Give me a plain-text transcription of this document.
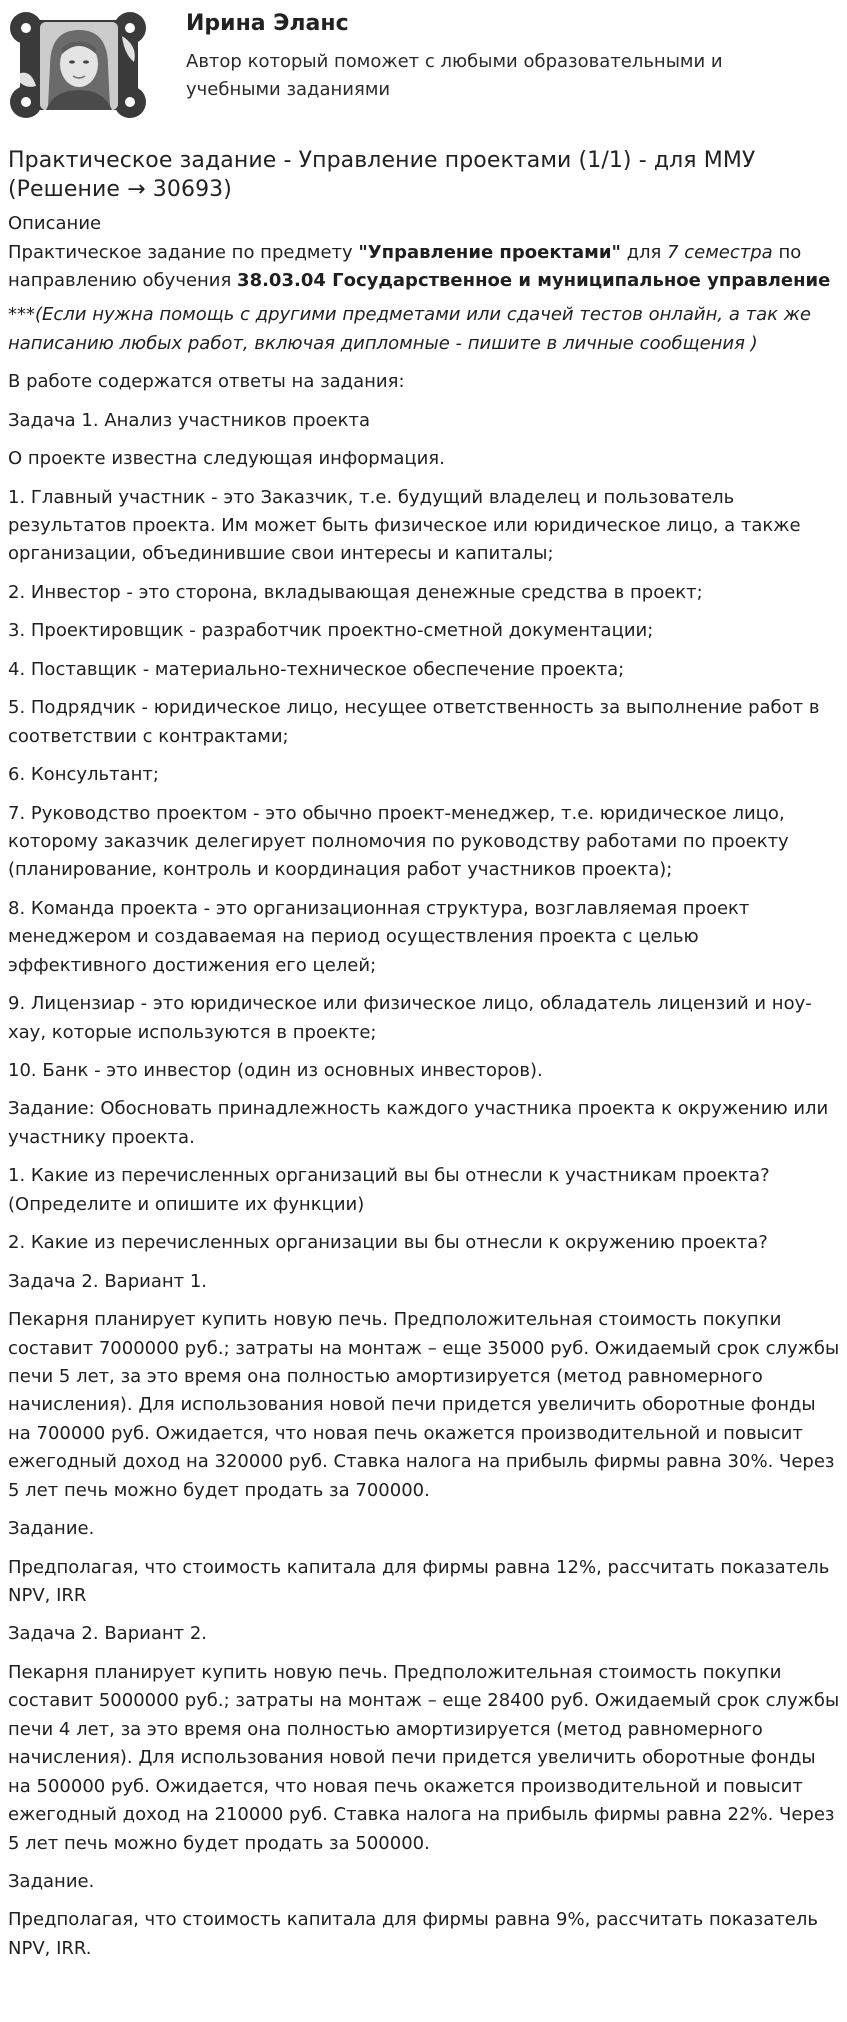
Ирина Эланс
Автор который поможет с любыми образовательными и учебными заданиями
Практическое задание - Управление проектами (1/1) - для ММУ
(Решение → 30693)
Описание

Практическое задание по предмету "Управление проектами" для 7 семестра по направлению обучения 38.03.04 Государственное и муниципальное управление

***(Если нужна помощь с другими предметами или сдачей тестов онлайн, а так же написанию любых работ, включая дипломные - пишите в личные сообщения )

В работе содержатся ответы на задания:

Задача 1. Анализ участников проекта

О проекте известна следующая информация.

1. Главный участник - это Заказчик, т.е. будущий владелец и пользователь результатов проекта. Им может быть физическое или юридическое лицо, а также организации, объединившие свои интересы и капиталы;

2. Инвестор - это сторона, вкладывающая денежные средства в проект;

3. Проектировщик - разработчик проектно-сметной документации;

4. Поставщик - материально-техническое обеспечение проекта;

5. Подрядчик - юридическое лицо, несущее ответственность за выполнение работ в соответствии с контрактами;

6. Консультант;

7. Руководство проектом - это обычно проект-менеджер, т.е. юридическое лицо, которому заказчик делегирует полномочия по руководству работами по проекту (планирование, контроль и координация работ участников проекта);

8. Команда проекта - это организационная структура, возглавляемая проект менеджером и создаваемая на период осуществления проекта с целью эффективного достижения его целей;

9. Лицензиар - это юридическое или физическое лицо, обладатель лицензий и ноу-хау, которые используются в проекте;

10. Банк - это инвестор (один из основных инвесторов).

Задание: Обосновать принадлежность каждого участника проекта к окружению или участнику проекта.

1. Какие из перечисленных организаций вы бы отнесли к участникам проекта? (Определите и опишите их функции)

2. Какие из перечисленных организации вы бы отнесли к окружению проекта?

Задача 2. Вариант 1.

Пекарня планирует купить новую печь. Предположительная стоимость покупки составит 7000000 руб.; затраты на монтаж – еще 35000 руб. Ожидаемый срок службы печи 5 лет, за это время она полностью амортизируется (метод равномерного начисления). Для использования новой печи придется увеличить оборотные фонды на 700000 руб. Ожидается, что новая печь окажется производительной и повысит ежегодный доход на 320000 руб. Ставка налога на прибыль фирмы равна 30%. Через 5 лет печь можно будет продать за 700000.

Задание.

Предполагая, что стоимость капитала для фирмы равна 12%, рассчитать показатель NPV, IRR

Задача 2. Вариант 2.

Пекарня планирует купить новую печь. Предположительная стоимость покупки составит 5000000 руб.; затраты на монтаж – еще 28400 руб. Ожидаемый срок службы печи 4 лет, за это время она полностью амортизируется (метод равномерного начисления). Для использования новой печи придется увеличить оборотные фонды на 500000 руб. Ожидается, что новая печь окажется производительной и повысит ежегодный доход на 210000 руб. Ставка налога на прибыль фирмы равна 22%. Через 5 лет печь можно будет продать за 500000.

Задание.

Предполагая, что стоимость капитала для фирмы равна 9%, рассчитать показатель NPV, IRR.
